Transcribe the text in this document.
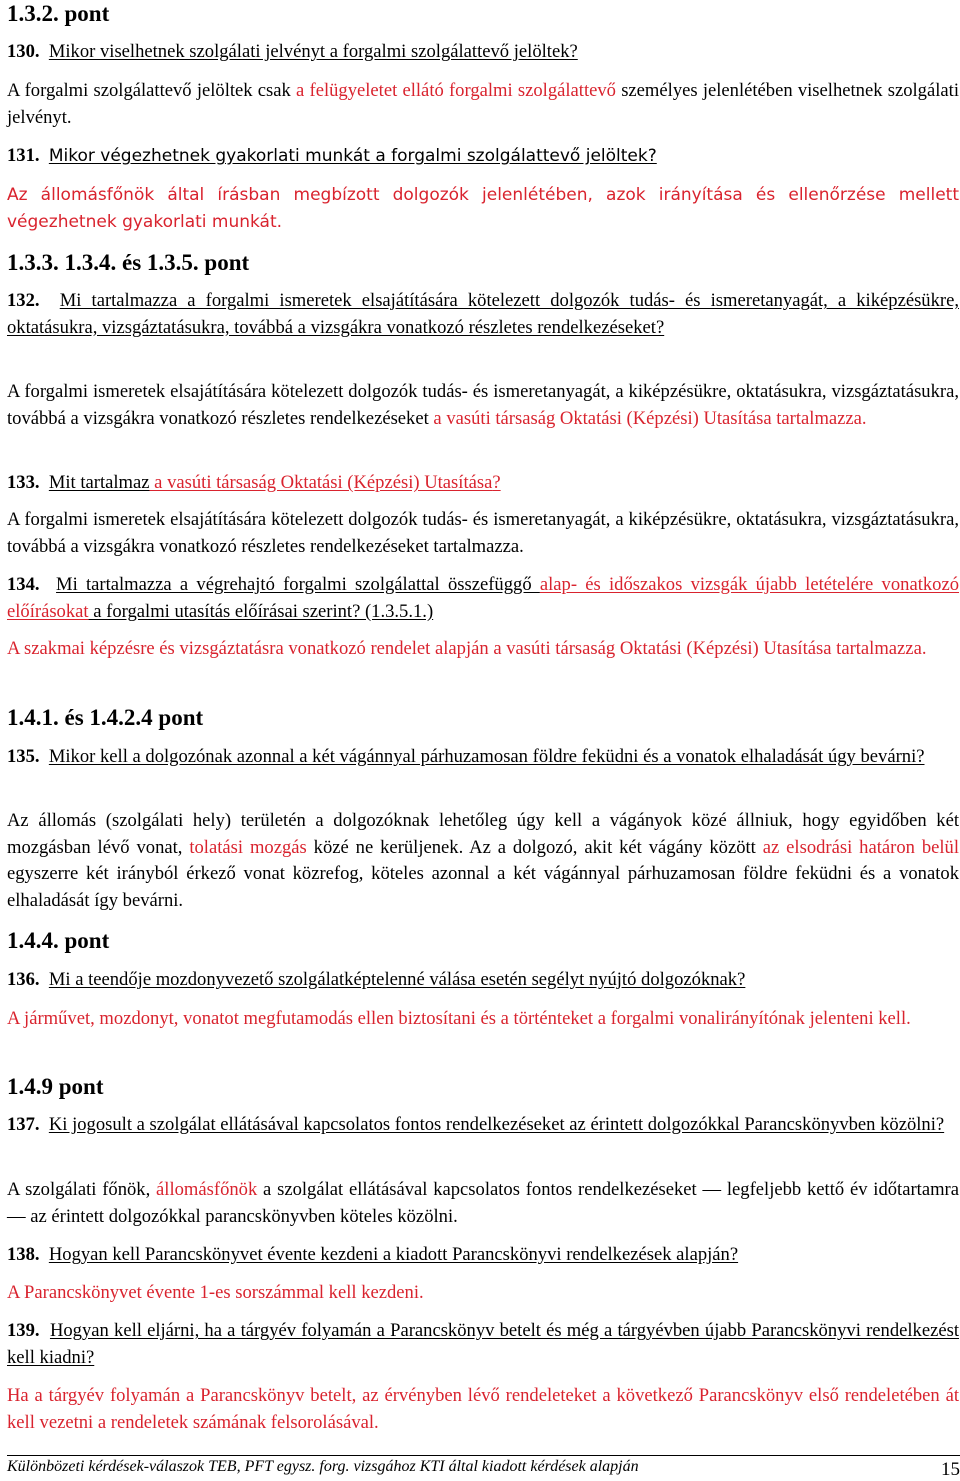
1.3.2. pont

130. Mikor viselhetnek szolgálati jelvényt a forgalmi szolgálattevő jelöltek?

A forgalmi szolgálattevő jelöltek csak a felügyeletet ellátó forgalmi szolgálattevő személyes jelenlétében viselhetnek szolgálati jelvényt.

131. Mikor végezhetnek gyakorlati munkát a forgalmi szolgálattevő jelöltek?

Az állomásfőnök által írásban megbízott dolgozók jelenlétében, azok irányítása és ellenőrzése mellett végezhetnek gyakorlati munkát.

1.3.3. 1.3.4. és 1.3.5. pont

132. Mi tartalmazza a forgalmi ismeretek elsajátítására kötelezett dolgozók tudás- és ismeretanyagát, a kiképzésükre, oktatásukra, vizsgáztatásukra, továbbá a vizsgákra vonatkozó részletes rendelkezéseket?

A forgalmi ismeretek elsajátítására kötelezett dolgozók tudás- és ismeretanyagát, a kiképzésükre, oktatásukra, vizsgáztatásukra, továbbá a vizsgákra vonatkozó részletes rendelkezéseket a vasúti társaság Oktatási (Képzési) Utasítása tartalmazza.

133. Mit tartalmaz a vasúti társaság Oktatási (Képzési) Utasítása?

A forgalmi ismeretek elsajátítására kötelezett dolgozók tudás- és ismeretanyagát, a kiképzésükre, oktatásukra, vizsgáztatásukra, továbbá a vizsgákra vonatkozó részletes rendelkezéseket tartalmazza.

134. Mi tartalmazza a végrehajtó forgalmi szolgálattal összefüggő alap- és időszakos vizsgák újabb letételére vonatkozó előírásokat a forgalmi utasítás előírásai szerint? (1.3.5.1.)

A szakmai képzésre és vizsgáztatásra vonatkozó rendelet alapján a vasúti társaság Oktatási (Képzési) Utasítása tartalmazza.

1.4.1. és 1.4.2.4 pont

135. Mikor kell a dolgozónak azonnal a két vágánnyal párhuzamosan földre feküdni és a vonatok elhaladását úgy bevárni?

Az állomás (szolgálati hely) területén a dolgozóknak lehetőleg úgy kell a vágányok közé állniuk, hogy egyidőben két mozgásban lévő vonat, tolatási mozgás közé ne kerüljenek. Az a dolgozó, akit két vágány között az elsodrási határon belül egyszerre két irányból érkező vonat közrefog, köteles azonnal a két vágánnyal párhuzamosan földre feküdni és a vonatok elhaladását így bevárni.

1.4.4. pont

136. Mi a teendője mozdonyvezető szolgálatképtelenné válása esetén segélyt nyújtó dolgozóknak?

A járművet, mozdonyt, vonatot megfutamodás ellen biztosítani és a történteket a forgalmi vonalirányítónak jelenteni kell.

1.4.9 pont

137. Ki jogosult a szolgálat ellátásával kapcsolatos fontos rendelkezéseket az érintett dolgozókkal Parancskönyvben közölni?

A szolgálati főnök, állomásfőnök a szolgálat ellátásával kapcsolatos fontos rendelkezéseket — legfeljebb kettő év időtartamra — az érintett dolgozókkal parancskönyvben köteles közölni.

138. Hogyan kell Parancskönyvet évente kezdeni a kiadott Parancskönyvi rendelkezések alapján?

A Parancskönyvet évente 1-es sorszámmal kell kezdeni.

139. Hogyan kell eljárni, ha a tárgyév folyamán a Parancskönyv betelt és még a tárgyévben újabb Parancskönyvi rendelkezést kell kiadni?

Ha a tárgyév folyamán a Parancskönyv betelt, az érvényben lévő rendeleteket a következő Parancskönyv első rendeletében át kell vezetni a rendeletek számának felsorolásával.

Különbözeti kérdések-válaszok TEB, PFT egysz. forg. vizsgához KTI által kiadott kérdések alapján	15
